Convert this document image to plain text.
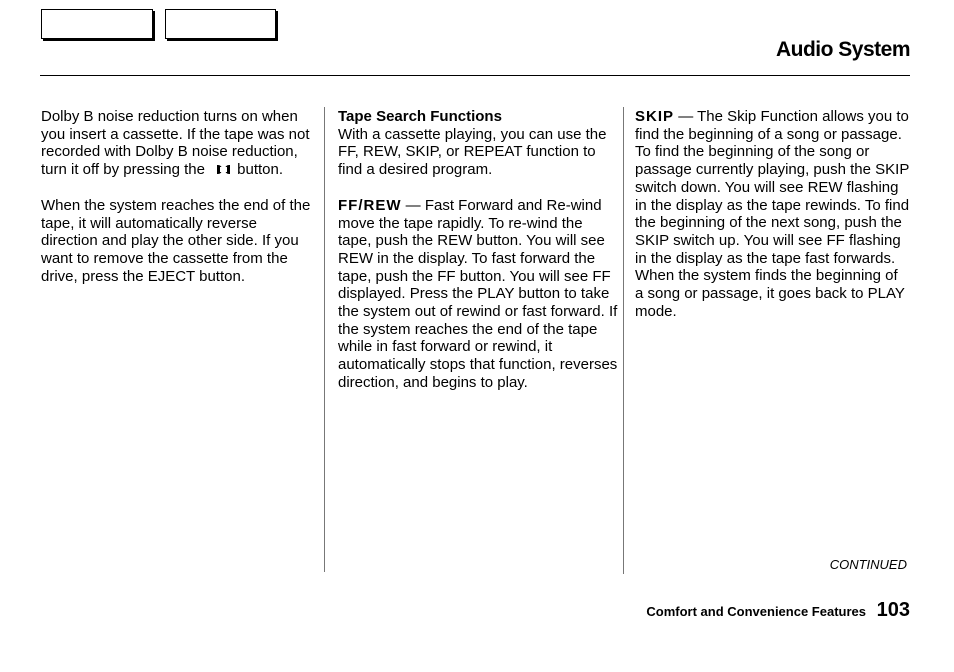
Audio System

Dolby B noise reduction turns on when you insert a cassette. If the tape was not recorded with Dolby B noise reduction, turn it off by pressing the button.

When the system reaches the end of the tape, it will automatically reverse direction and play the other side. If you want to remove the cassette from the drive, press the EJECT button.

Tape Search Functions

With a cassette playing, you can use the FF, REW, SKIP, or REPEAT function to find a desired program.

FF/REW — Fast Forward and Re-wind move the tape rapidly. To re-wind the tape, push the REW button. You will see REW in the display. To fast forward the tape, push the FF button. You will see FF displayed. Press the PLAY button to take the system out of rewind or fast forward. If the system reaches the end of the tape while in fast forward or rewind, it automatically stops that function, reverses direction, and begins to play.

SKIP — The Skip Function allows you to find the beginning of a song or passage. To find the beginning of the song or passage currently playing, push the SKIP switch down. You will see REW flashing in the display as the tape rewinds. To find the beginning of the next song, push the SKIP switch up. You will see FF flashing in the display as the tape fast forwards. When the system finds the beginning of a song or passage, it goes back to PLAY mode.

CONTINUED
Comfort and Convenience Features 103
